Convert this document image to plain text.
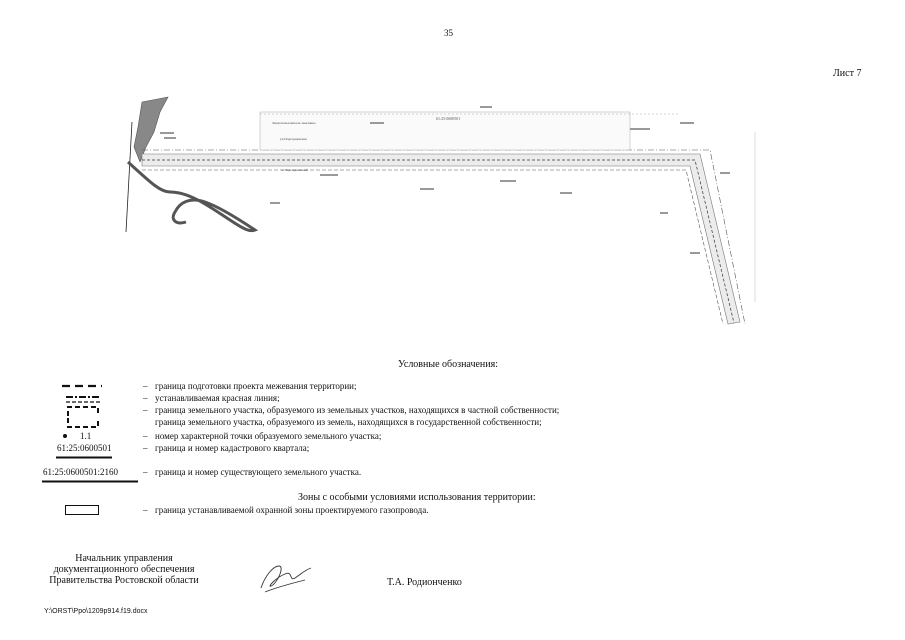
35
Лист 7
Землепользователь заказчика
ул.Подгорненская
61:25:0600501
ч. Подгорненский
Условные обозначения:
– граница подготовки проекта межевания территории;
– устанавливаемая красная линия;
– граница земельного участка, образуемого из земельных участков, находящихся в частной собственности;
граница земельного участка, образуемого из земель, находящихся в государственной собственности;
1.1	– номер характерной точки образуемого земельного участка;
61:25:0600501	– граница и номер кадастрового квартала;
61:25:0600501:2160	– граница и номер существующего земельного участка.
Зоны с особыми условиями использования территории:
– граница устанавливаемой охранной зоны проектируемого газопровода.
Начальник управления
документационного обеспечения
Правительства Ростовской области	Т.А. Родионченко
Y:\ORST\Ppo\1209p914.f19.docx
